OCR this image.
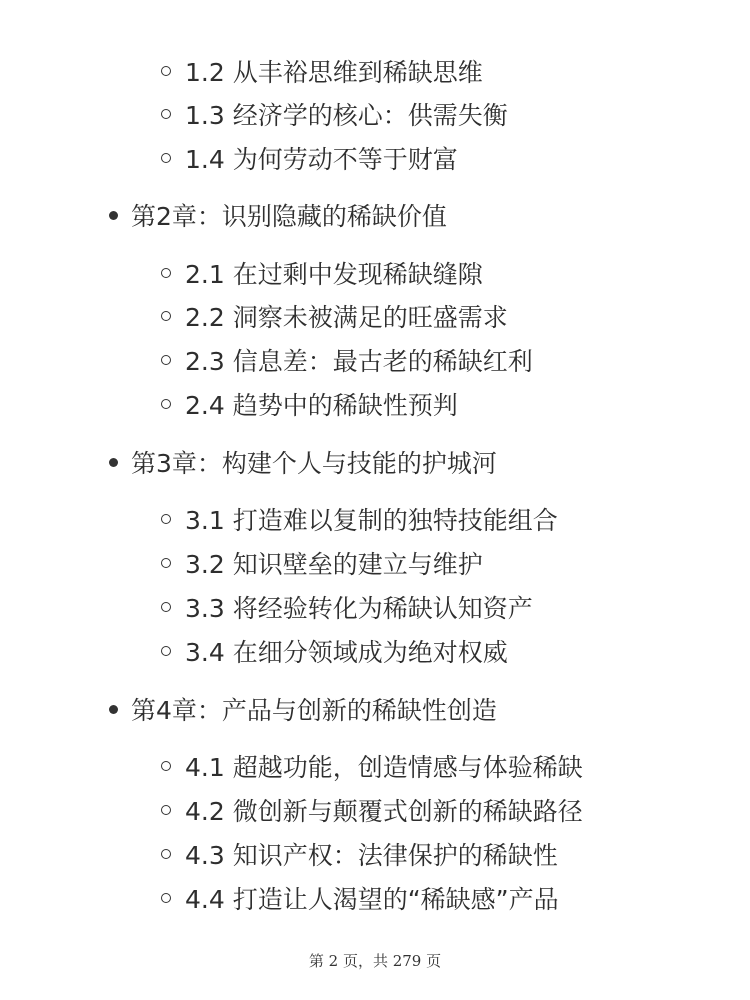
1.2 从丰裕思维到稀缺思维
1.3 经济学的核心：供需失衡
1.4 为何劳动不等于财富
第2章：识别隐藏的稀缺价值
2.1 在过剩中发现稀缺缝隙
2.2 洞察未被满足的旺盛需求
2.3 信息差：最古老的稀缺红利
2.4 趋势中的稀缺性预判
第3章：构建个人与技能的护城河
3.1 打造难以复制的独特技能组合
3.2 知识壁垒的建立与维护
3.3 将经验转化为稀缺认知资产
3.4 在细分领域成为绝对权威
第4章：产品与创新的稀缺性创造
4.1 超越功能，创造情感与体验稀缺
4.2 微创新与颠覆式创新的稀缺路径
4.3 知识产权：法律保护的稀缺性
4.4 打造让人渴望的“稀缺感”产品
第 2 页，共 279 页
